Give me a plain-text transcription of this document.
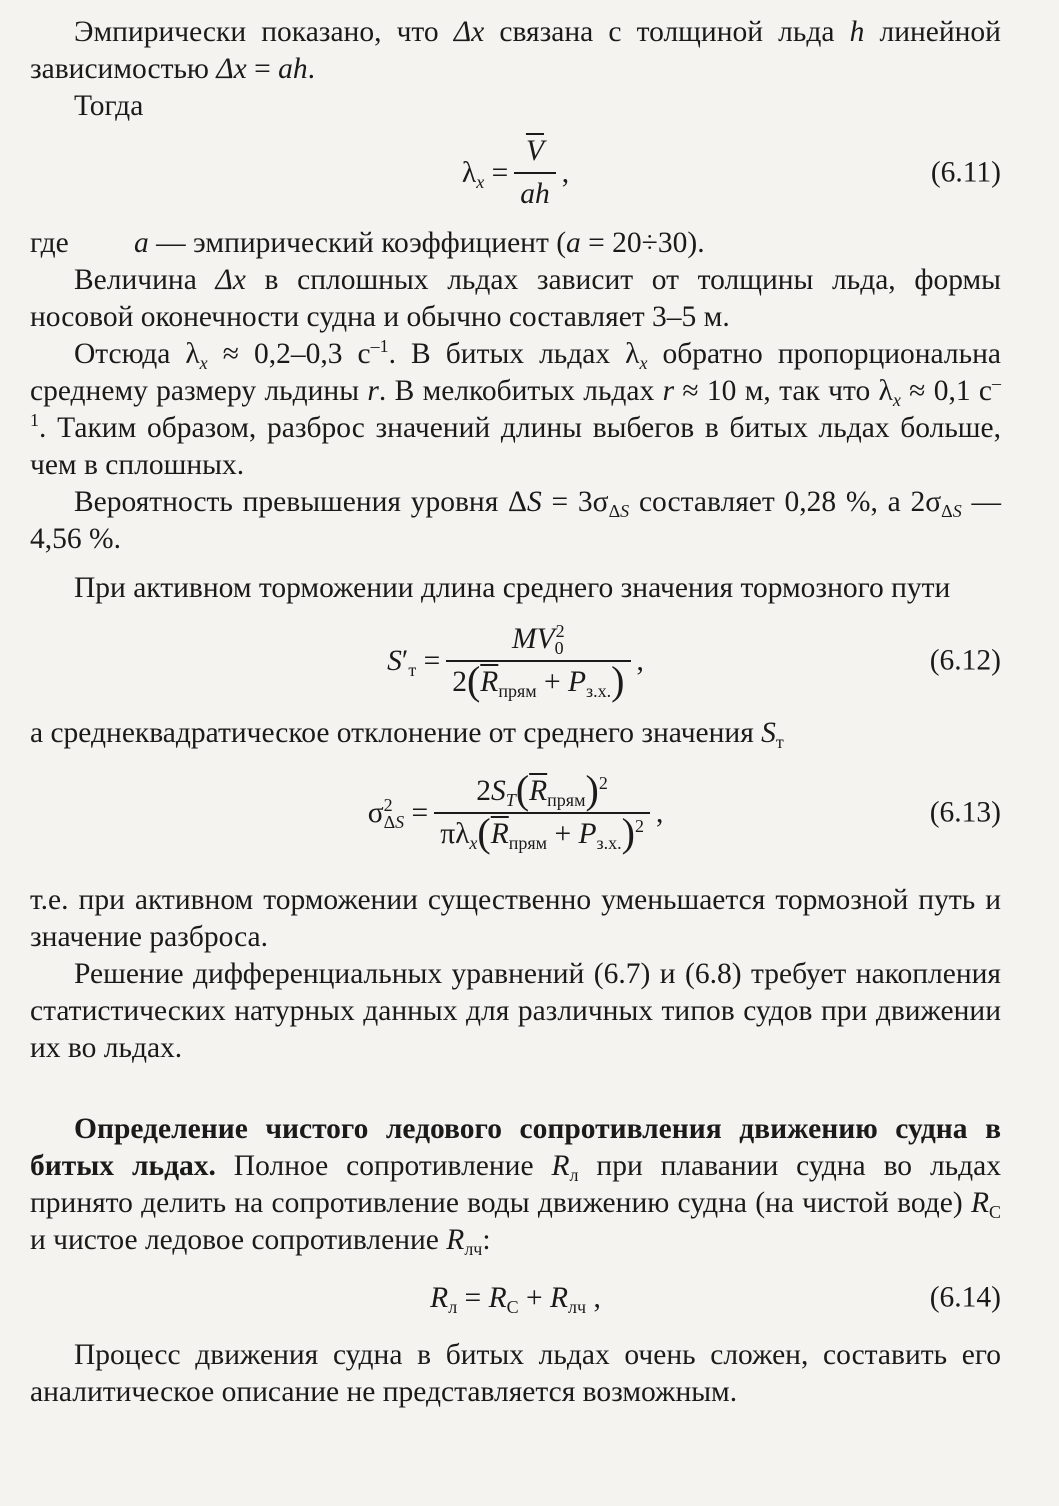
Эмпирически показано, что Δx связана с толщиной льда h линейной зависимостью Δx = ah.

Тогда

$\lambda_x = \frac{\overline{V}}{ah}$ ,	(6.11)
где	a — эмпирический коэффициент (a = 20÷30).

Величина Δx в сплошных льдах зависит от толщины льда, формы носовой оконечности судна и обычно составляет 3–5 м.

Отсюда $\lambda_x \approx 0,2-0,3$ $с^{-1}$. В битых льдах $\lambda_x$ обратно пропорциональна среднему размеру льдины r. В мелкобитых льдах r ≈ 10 м, так что $\lambda_x \approx 0,1$ $с^{-1}$. Таким образом, разброс значений длины выбегов в битых льдах больше, чем в сплошных.

Вероятность превышения уровня $\Delta S = 3\sigma_{\Delta S}$ составляет 0,28 %, а $2\sigma_{\Delta S}$ — 4,56 %.

При активном торможении длина среднего значения тормозного пути

$S'_т = \frac{MV_0^2}{2(\overline{R}_{прям} + P_{з.х.})}$ ,	(6.12)

а среднеквадратическое отклонение от среднего значения $S_т$

$\sigma^2_{\Delta S} = \frac{2S_T(\overline{R}_{прям})^2}{\pi\lambda_x(\overline{R}_{прям} + P_{з.х.})^2}$ ,	(6.13)

т.е. при активном торможении существенно уменьшается тормозной путь и значение разброса.

Решение дифференциальных уравнений (6.7) и (6.8) требует накопления статистических натурных данных для различных типов судов при движении их во льдах.

Определение чистого ледового сопротивления движению судна в битых льдах. Полное сопротивление $R_л$ при плавании судна во льдах принято делить на сопротивление воды движению судна (на чистой воде) $R_C$ и чистое ледовое сопротивление $R_{лч}$:

$R_л = R_C + R_{лч}$ ,	(6.14)

Процесс движения судна в битых льдах очень сложен, составить его аналитическое описание не представляется возможным.
